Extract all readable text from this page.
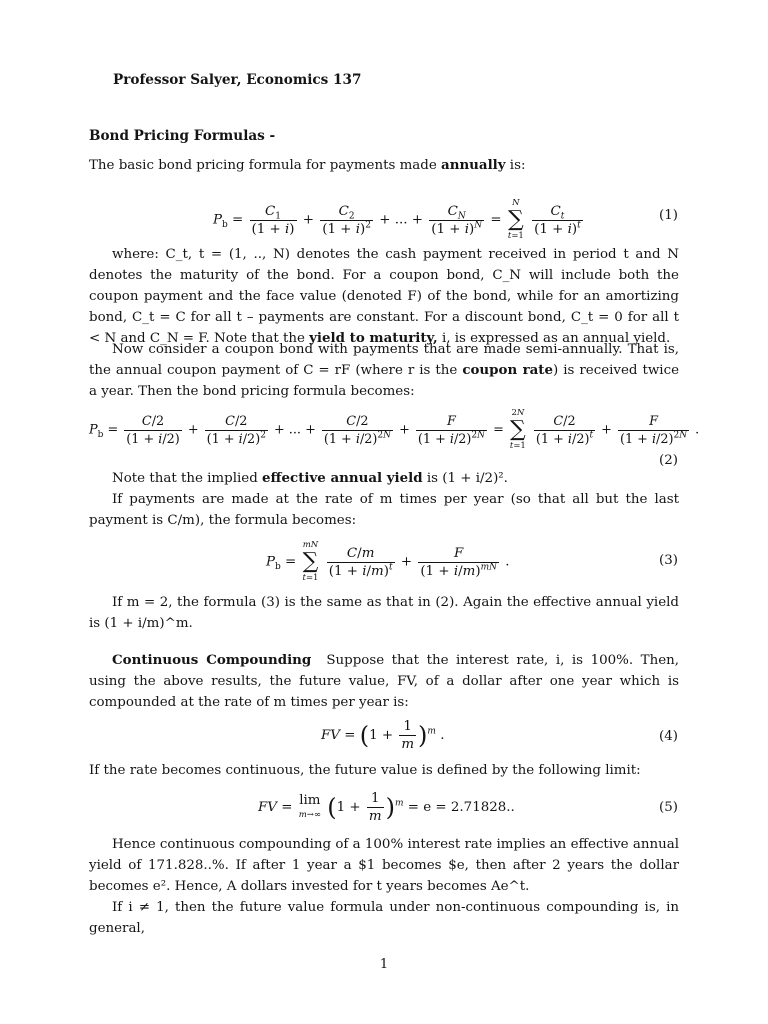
Professor Salyer, Economics 137
Bond Pricing Formulas -
The basic bond pricing formula for payments made annually is:
$P_b = \frac{C_1}{(1 + i)} + \frac{C_2}{(1 + i)^2}$ + ... + $\frac{C_N}{(1 + i)^N}$ =
N
∑
t=1
$\frac{C_t}{(1 + i)^t}$	(1)
where: C_t, t = (1, .., N) denotes the cash payment received in period t and N denotes the maturity of the bond. For a coupon bond, C_N will include both the coupon payment and the face value (denoted F) of the bond, while for an amortizing bond, C_t = C for all t – payments are constant. For a discount bond, C_t = 0 for all t < N and C_N = F. Note that the yield to maturity, i, is expressed as an annual yield.
Now consider a coupon bond with payments that are made semi-annually. That is, the annual coupon payment of C = rF (where r is the coupon rate) is received twice a year. Then the bond pricing formula becomes:
$P_b = \frac{C/2}{(1 + i/2)} + \frac{C/2}{(1 + i/2)^2}$ + ... + $\frac{C/2}{(1 + i/2)^{2N}} + \frac{F}{(1 + i/2)^{2N}}$ =
2N
∑
t=1
$\frac{C/2}{(1 + i/2)^t} + \frac{F}{(1 + i/2)^{2N}}$ .
(2)
Note that the implied effective annual yield is (1 + i/2)².
If payments are made at the rate of m times per year (so that all but the last payment is C/m), the formula becomes:
$P_b$ =
mN
∑
t=1
$\frac{C/m}{(1 + i/m)^t} + \frac{F}{(1 + i/m)^{mN}}$ .	(3)
If m = 2, the formula (3) is the same as that in (2). Again the effective annual yield is (1 + i/m)^m.
Continuous Compounding Suppose that the interest rate, i, is 100%. Then, using the above results, the future value, FV, of a dollar after one year which is compounded at the rate of m times per year is:
FV = $(1 + \frac{1}{m} )^m$ .	(4)
If the rate becomes continuous, the future value is defined by the following limit:
FV = lim
m→∞ $(1 + \frac{1}{m} )^m = e = 2.71828$..	(5)
Hence continuous compounding of a 100% interest rate implies an effective annual yield of 171.828..%. If after 1 year a $1 becomes $e, then after 2 years the dollar becomes e². Hence, A dollars invested for t years becomes Ae^t.
If i ≠ 1, then the future value formula under non-continuous compounding is, in general,
1
